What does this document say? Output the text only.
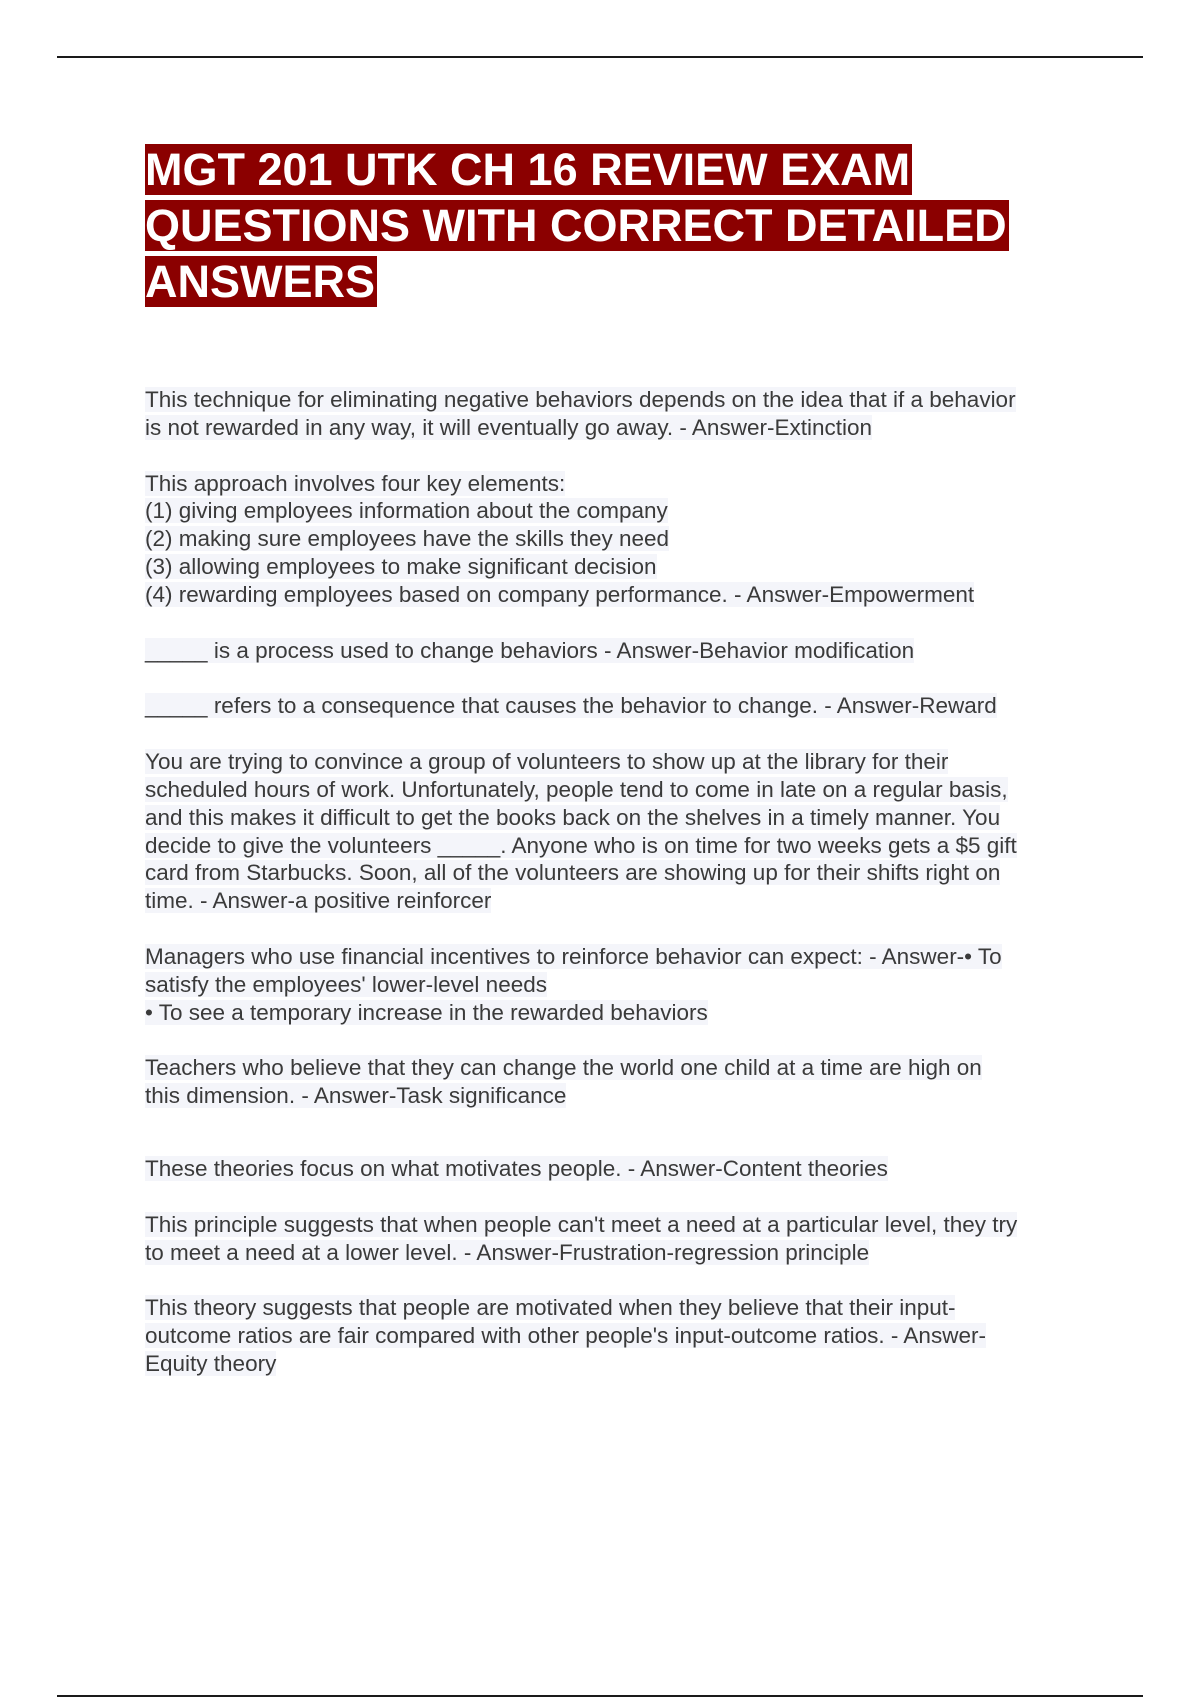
MGT 201 UTK CH 16 REVIEW EXAM
QUESTIONS WITH CORRECT DETAILED
ANSWERS

This technique for eliminating negative behaviors depends on the idea that if a behavior
is not rewarded in any way, it will eventually go away. - Answer-Extinction

This approach involves four key elements:
(1) giving employees information about the company
(2) making sure employees have the skills they need
(3) allowing employees to make significant decision
(4) rewarding employees based on company performance. - Answer-Empowerment

_____ is a process used to change behaviors - Answer-Behavior modification

_____ refers to a consequence that causes the behavior to change. - Answer-Reward

You are trying to convince a group of volunteers to show up at the library for their
scheduled hours of work. Unfortunately, people tend to come in late on a regular basis,
and this makes it difficult to get the books back on the shelves in a timely manner. You
decide to give the volunteers _____. Anyone who is on time for two weeks gets a $5 gift
card from Starbucks. Soon, all of the volunteers are showing up for their shifts right on
time. - Answer-a positive reinforcer

Managers who use financial incentives to reinforce behavior can expect: - Answer-• To
satisfy the employees' lower-level needs
• To see a temporary increase in the rewarded behaviors

Teachers who believe that they can change the world one child at a time are high on
this dimension. - Answer-Task significance

These theories focus on what motivates people. - Answer-Content theories

This principle suggests that when people can't meet a need at a particular level, they try
to meet a need at a lower level. - Answer-Frustration-regression principle

This theory suggests that people are motivated when they believe that their input-
outcome ratios are fair compared with other people's input-outcome ratios. - Answer-
Equity theory
